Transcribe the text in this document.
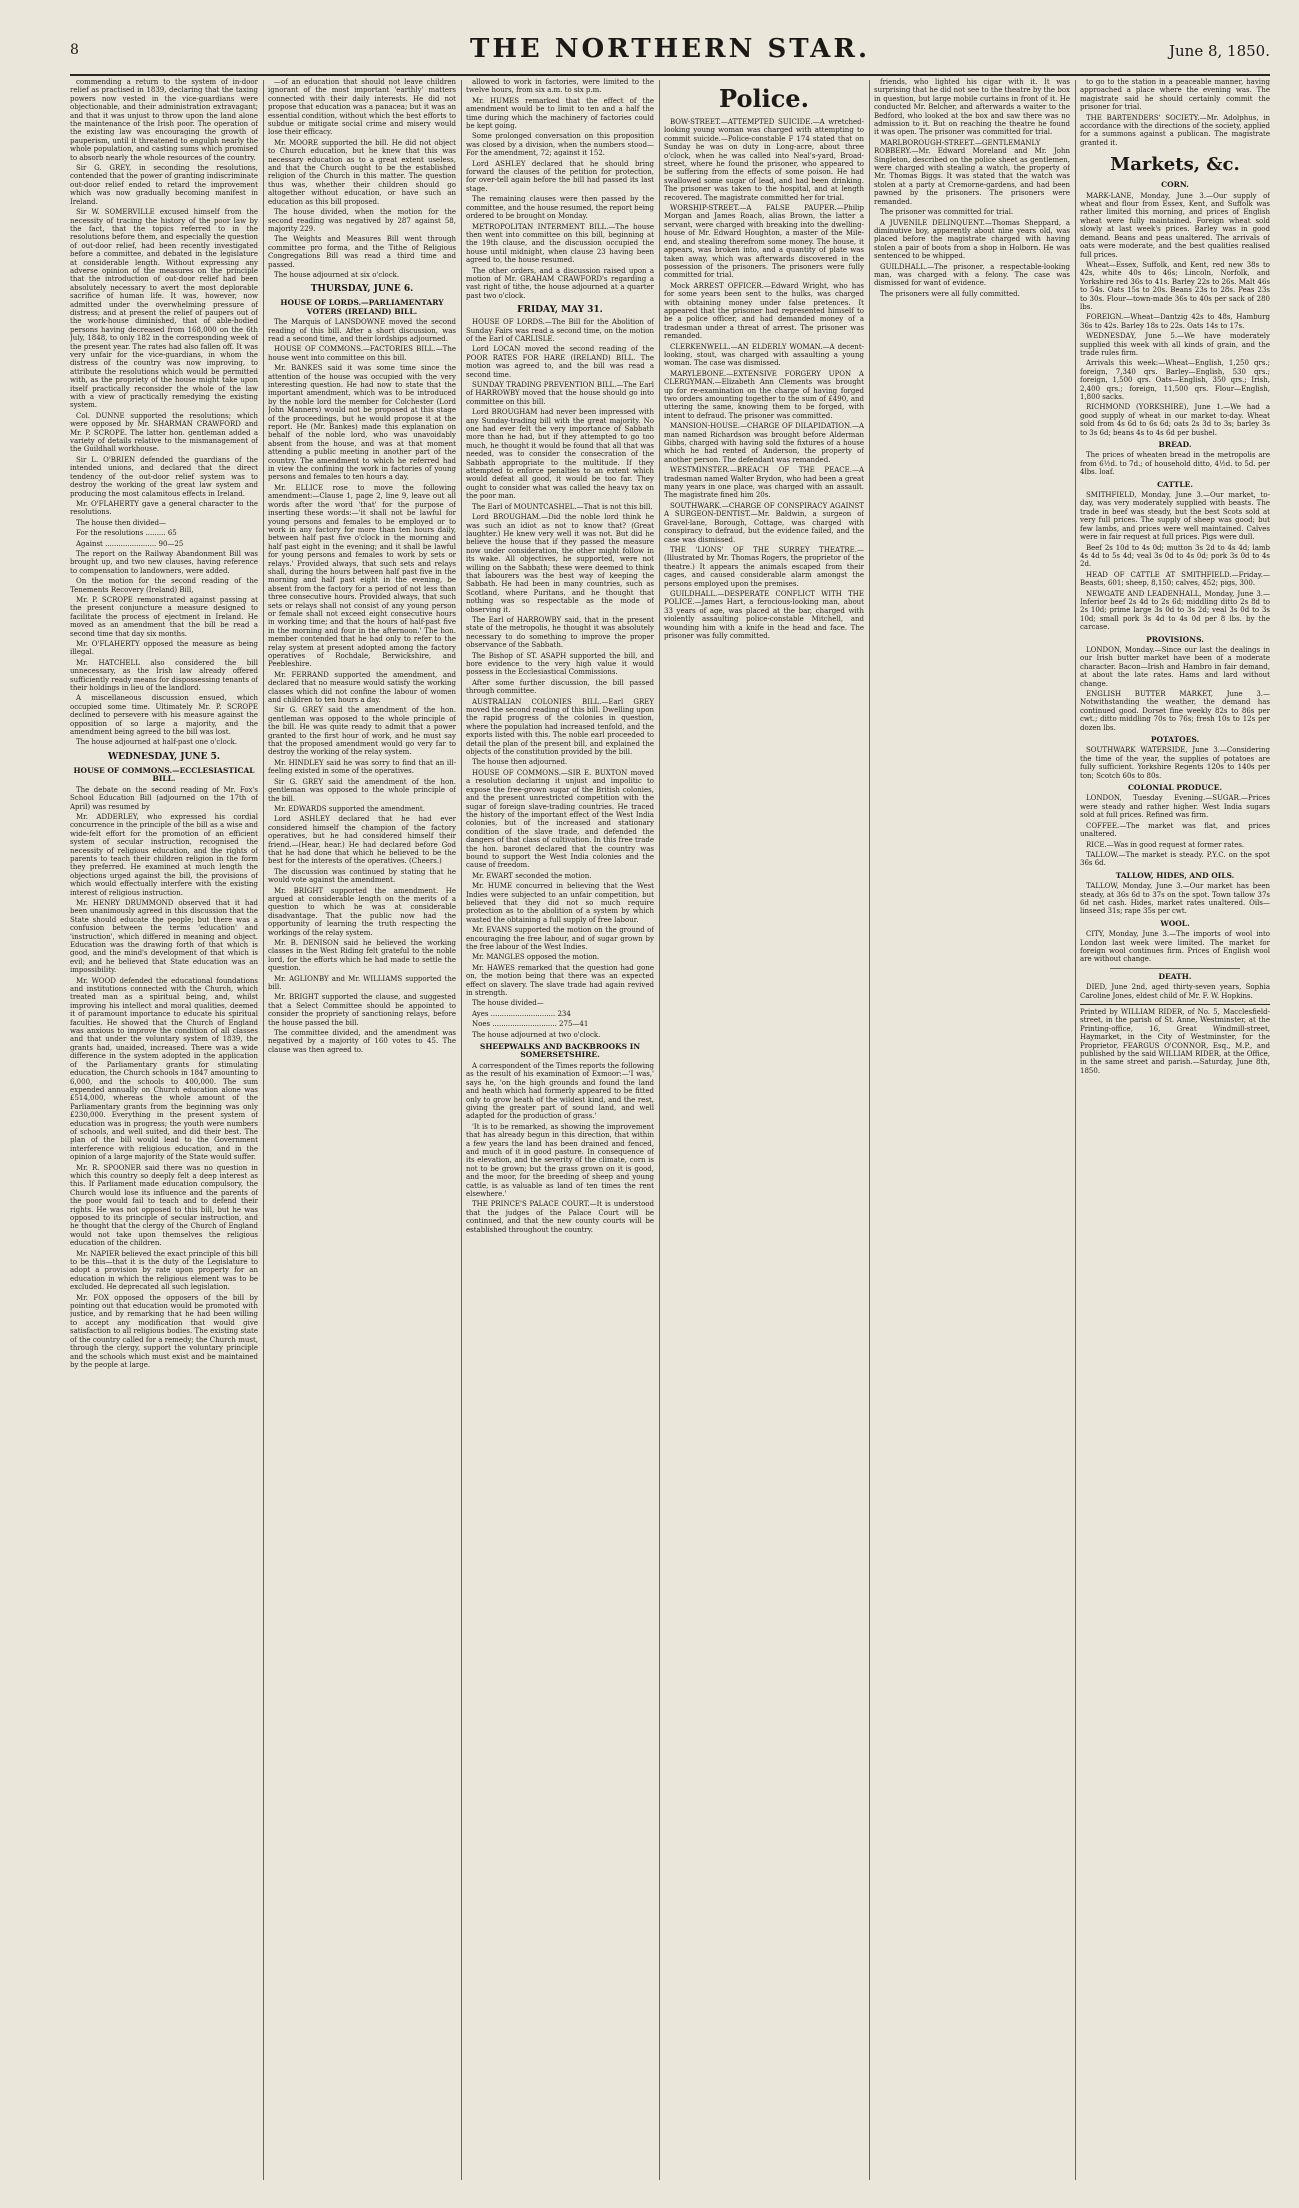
8	THE NORTHERN STAR.	June 8, 1850.

commending a return to the system of in-door relief as practised in 1839, declaring that the taxing powers now vested in the vice-guardians were objectionable, and their administration extravagant; and that it was unjust to throw upon the land alone the maintenance of the Irish poor. The operation of the existing law was encouraging the growth of pauperism, until it threatened to engulph nearly the whole population, and casting sums which promised to absorb nearly the whole resources of the country.

Sir G. GREY, in seconding the resolutions, contended that the power of granting indiscriminate out-door relief ended to retard the improvement which was now gradually becoming manifest in Ireland.

Sir W. SOMERVILLE excused himself from the necessity of tracing the history of the poor law by the fact, that the topics referred to in the resolutions before them, and especially the question of out-door relief, had been recently investigated before a committee, and debated in the legislature at considerable length. Without expressing any adverse opinion of the measures on the principle that the introduction of out-door relief had been absolutely necessary to avert the most deplorable sacrifice of human life. It was, however, now admitted under the overwhelming pressure of distress; and at present the relief of paupers out of the work-house diminished, that of able-bodied persons having decreased from 168,000 on the 6th July, 1848, to only 182 in the corresponding week of the present year. The rates had also fallen off. It was very unfair for the vice-guardians, in whom the distress of the country was now improving, to attribute the resolutions which would be permitted with, as the propriety of the house might take upon itself practically reconsider the whole of the law with a view of practically remedying the existing system.

Col. DUNNE supported the resolutions; which were opposed by Mr. SHARMAN CRAWFORD and Mr. P. SCROPE. The latter hon. gentleman added a variety of details relative to the mismanagement of the Guildhall workhouse.

Sir L. O'BRIEN defended the guardians of the intended unions, and declared that the direct tendency of the out-door relief system was to destroy the working of the great law system and producing the most calamitous effects in Ireland.

Mr. O'FLAHERTY gave a general character to the resolutions.

The house then divided—

For the resolutions ......... 65

Against ....................... 90—25

The report on the Railway Abandonment Bill was brought up, and two new clauses, having reference to compensation to landowners, were added.

On the motion for the second reading of the Tenements Recovery (Ireland) Bill,

Mr. P. SCROPE remonstrated against passing at the present conjuncture a measure designed to facilitate the process of ejectment in Ireland. He moved as an amendment that the bill be read a second time that day six months.

Mr. O'FLAHERTY opposed the measure as being illegal.

Mr. HATCHELL also considered the bill unnecessary, as the Irish law already offered sufficiently ready means for dispossessing tenants of their holdings in lieu of the landlord.

A miscellaneous discussion ensued, which occupied some time. Ultimately Mr. P. SCROPE declined to persevere with his measure against the opposition of so large a majority, and the amendment being agreed to the bill was lost.

The house adjourned at half-past one o'clock.

WEDNESDAY, JUNE 5.
HOUSE OF COMMONS.—ECCLESIASTICAL BILL.

The debate on the second reading of Mr. Fox's School Education Bill (adjourned on the 17th of April) was resumed by

Mr. ADDERLEY, who expressed his cordial concurrence in the principle of the bill as a wise and wide-felt effort for the promotion of an efficient system of secular instruction, recognised the necessity of religious education, and the rights of parents to teach their children religion in the form they preferred. He examined at much length the objections urged against the bill, the provisions of which would effectually interfere with the existing interest of religious instruction.

Mr. HENRY DRUMMOND observed that it had been unanimously agreed in this discussion that the State should educate the people; but there was a confusion between the terms 'education' and 'instruction', which differed in meaning and object. Education was the drawing forth of that which is good, and the mind's development of that which is evil; and he believed that State education was an impossibility.

Mr. WOOD defended the educational foundations and institutions connected with the Church, which treated man as a spiritual being, and, whilst improving his intellect and moral qualities, deemed it of paramount importance to educate his spiritual faculties. He showed that the Church of England was anxious to improve the condition of all classes and that under the voluntary system of 1839, the grants had, unaided, increased. There was a wide difference in the system adopted in the application of the Parliamentary grants for stimulating education, the Church schools in 1847 amounting to 6,000, and the schools to 400,000. The sum expended annually on Church education alone was £514,000, whereas the whole amount of the Parliamentary grants from the beginning was only £230,000. Everything in the present system of education was in progress; the youth were numbers of schools, and well suited, and did their best. The plan of the bill would lead to the Government interference with religious education, and in the opinion of a large majority of the State would suffer.

Mr. R. SPOONER said there was no question in which this country so deeply felt a deep interest as this. If Parliament made education compulsory, the Church would lose its influence and the parents of the poor would fail to teach and to defend their rights. He was not opposed to this bill, but he was opposed to its principle of secular instruction, and he thought that the clergy of the Church of England would not take upon themselves the religious education of the children.

Mr. NAPIER believed the exact principle of this bill to be this—that it is the duty of the Legislature to adopt a provision by rate upon property for an education in which the religious element was to be excluded. He deprecated all such legislation.

Mr. FOX opposed the opposers of the bill by pointing out that education would be promoted with justice, and by remarking that he had been willing to accept any modification that would give satisfaction to all religious bodies. The existing state of the country called for a remedy; the Church must, through the clergy, support the voluntary principle and the schools which must exist and be maintained by the people at large.

—of an education that should not leave children ignorant of the most important 'earthly' matters connected with their daily interests. He did not propose that education was a panacea; but it was an essential condition, without which the best efforts to subdue or mitigate social crime and misery would lose their efficacy.

Mr. MOORE supported the bill. He did not object to Church education, but he knew that this was necessary education as to a great extent useless, and that the Church ought to be the established religion of the Church in this matter. The question thus was, whether their children should go altogether without education, or have such an education as this bill proposed.

The house divided, when the motion for the second reading was negatived by 287 against 58, majority 229.

The Weights and Measures Bill went through committee pro forma, and the Tithe of Religious Congregations Bill was read a third time and passed.

The house adjourned at six o'clock.

THURSDAY, JUNE 6.
HOUSE OF LORDS.—PARLIAMENTARY VOTERS (IRELAND) BILL.

The Marquis of LANSDOWNE moved the second reading of this bill. After a short discussion, was read a second time, and their lordships adjourned.

HOUSE OF COMMONS.—FACTORIES BILL.—The house went into committee on this bill.

Mr. BANKES said it was some time since the attention of the house was occupied with the very interesting question. He had now to state that the important amendment, which was to be introduced by the noble lord the member for Colchester (Lord John Manners) would not be proposed at this stage of the proceedings, but he would propose it at the report. He (Mr. Bankes) made this explanation on behalf of the noble lord, who was unavoidably absent from the house, and was at that moment attending a public meeting in another part of the country. The amendment to which he referred had in view the confining the work in factories of young persons and females to ten hours a day.

Mr. ELLICE rose to move the following amendment:—Clause 1, page 2, line 9, leave out all words after the word 'that' for the purpose of inserting these words:—'it shall not be lawful for young persons and females to be employed or to work in any factory for more than ten hours daily, between half past five o'clock in the morning and half past eight in the evening; and it shall be lawful for young persons and females to work by sets or relays.' Provided always, that such sets and relays shall, during the hours between half past five in the morning and half past eight in the evening, be absent from the factory for a period of not less than three consecutive hours. Provided always, that such sets or relays shall not consist of any young person or female shall not exceed eight consecutive hours in working time; and that the hours of half-past five in the morning and four in the afternoon.' The hon. member contended that he had only to refer to the relay system at present adopted among the factory operatives of Rochdale, Berwickshire, and Peebleshire.

Mr. FERRAND supported the amendment, and declared that no measure would satisfy the working classes which did not confine the labour of women and children to ten hours a day.

Sir G. GREY said the amendment of the hon. gentleman was opposed to the whole principle of the bill. He was quite ready to admit that a power granted to the first hour of work, and he must say that the proposed amendment would go very far to destroy the working of the relay system.

Mr. HINDLEY said he was sorry to find that an ill-feeling existed in some of the operatives.

Sir G. GREY said the amendment of the hon. gentleman was opposed to the whole principle of the bill.

Mr. EDWARDS supported the amendment.

Lord ASHLEY declared that he had ever considered himself the champion of the factory operatives, but he had considered himself their friend.—(Hear, hear.) He had declared before God that he had done that which he believed to be the best for the interests of the operatives. (Cheers.)

The discussion was continued by stating that he would vote against the amendment.

Mr. BRIGHT supported the amendment. He argued at considerable length on the merits of a question to which he was at considerable disadvantage. That the public now had the opportunity of learning the truth respecting the workings of the relay system.

Mr. B. DENISON said he believed the working classes in the West Riding felt grateful to the noble lord, for the efforts which he had made to settle the question.

Mr. AGLIONBY and Mr. WILLIAMS supported the bill.

Mr. BRIGHT supported the clause, and suggested that a Select Committee should be appointed to consider the propriety of sanctioning relays, before the house passed the bill.

The committee divided, and the amendment was negatived by a majority of 160 votes to 45. The clause was then agreed to.

allowed to work in factories, were limited to the twelve hours, from six a.m. to six p.m.

Mr. HUMES remarked that the effect of the amendment would be to limit to ten and a half the time during which the machinery of factories could be kept going.

Some prolonged conversation on this proposition was closed by a division, when the numbers stood—For the amendment, 72; against it 152.

Lord ASHLEY declared that he should bring forward the clauses of the petition for protection, for over-tell again before the bill had passed its last stage.

The remaining clauses were then passed by the committee, and the house resumed, the report being ordered to be brought on Monday.

METROPOLITAN INTERMENT BILL.—The house then went into committee on this bill, beginning at the 19th clause, and the discussion occupied the house until midnight, when clause 23 having been agreed to, the house resumed.

The other orders, and a discussion raised upon a motion of Mr. GRAHAM CRAWFORD's regarding a vast right of tithe, the house adjourned at a quarter past two o'clock.

FRIDAY, MAY 31.

HOUSE OF LORDS.—The Bill for the Abolition of Sunday Fairs was read a second time, on the motion of the Earl of CARLISLE.

Lord LOCAN moved the second reading of the POOR RATES FOR HARE (IRELAND) BILL. The motion was agreed to, and the bill was read a second time.

SUNDAY TRADING PREVENTION BILL.—The Earl of HARROWBY moved that the house should go into committee on this bill.

Lord BROUGHAM had never been impressed with any Sunday-trading bill with the great majority. No one had ever felt the very importance of Sabbath more than he had, but if they attempted to go too much, he thought it would be found that all that was needed, was to consider the consecration of the Sabbath appropriate to the multitude. If they attempted to enforce penalties to an extent which would defeat all good, it would be too far. They ought to consider what was called the heavy tax on the poor man.

The Earl of MOUNTCASHEL.—That is not this bill.

Lord BROUGHAM.—Did the noble lord think he was such an idiot as not to know that? (Great laughter.) He knew very well it was not. But did he believe the house that if they passed the measure now under consideration, the other might follow in its wake. All objectives, he supported, were not willing on the Sabbath; these were deemed to think that labourers was the best way of keeping the Sabbath. He had been in many countries, such as Scotland, where Puritans, and he thought that nothing was so respectable as the mode of observing it.

The Earl of HARROWBY said, that in the present state of the metropolis, he thought it was absolutely necessary to do something to improve the proper observance of the Sabbath.

The Bishop of ST. ASAPH supported the bill, and bore evidence to the very high value it would possess in the Ecclesiastical Commissions.

After some further discussion, the bill passed through committee.

AUSTRALIAN COLONIES BILL.—Earl GREY moved the second reading of this bill. Dwelling upon the rapid progress of the colonies in question, where the population had increased tenfold, and the exports listed with this. The noble earl proceeded to detail the plan of the present bill, and explained the objects of the constitution provided by the bill.

The house then adjourned.

HOUSE OF COMMONS.—SIR E. BUXTON moved a resolution declaring it unjust and impolitic to expose the free-grown sugar of the British colonies, and the present unrestricted competition with the sugar of foreign slave-trading countries. He traced the history of the important effect of the West India colonies, but of the increased and stationary condition of the slave trade, and defended the dangers of that class of cultivation. In this free trade the hon. baronet declared that the country was bound to support the West India colonies and the cause of freedom.

Mr. EWART seconded the motion.

Mr. HUME concurred in believing that the West Indies were subjected to an unfair competition, but believed that they did not so much require protection as to the abolition of a system by which wasted the obtaining a full supply of free labour.

Mr. EVANS supported the motion on the ground of encouraging the free labour, and of sugar grown by the free labour of the West Indies.

Mr. MANGLES opposed the motion.

Mr. HAWES remarked that the question had gone on, the motion being that there was an expected effect on slavery. The slave trade had again revived in strength.

The house divided—

Ayes ............................. 234

Noes ............................. 275—41

The house adjourned at two o'clock.

SHEEPWALKS AND BACKBROOKS IN SOMERSETSHIRE.

A correspondent of the Times reports the following as the result of his examination of Exmoor:—'I was,' says he, 'on the high grounds and found the land and heath which had formerly appeared to be fitted only to grow heath of the wildest kind, and the rest, giving the greater part of sound land, and well adapted for the production of grass.'

'It is to be remarked, as showing the improvement that has already begun in this direction, that within a few years the land has been drained and fenced, and much of it in good pasture. In consequence of its elevation, and the severity of the climate, corn is not to be grown; but the grass grown on it is good, and the moor, for the breeding of sheep and young cattle, is as valuable as land of ten times the rent elsewhere.'

THE PRINCE'S PALACE COURT.—It is understood that the judges of the Palace Court will be continued, and that the new county courts will be established throughout the country.

Police.

BOW-STREET.—ATTEMPTED SUICIDE.—A wretched-looking young woman was charged with attempting to commit suicide.—Police-constable F 174 stated that on Sunday he was on duty in Long-acre, about three o'clock, when he was called into Neal's-yard, Broad-street, where he found the prisoner, who appeared to be suffering from the effects of some poison. He had swallowed some sugar of lead, and had been drinking. The prisoner was taken to the hospital, and at length recovered. The magistrate committed her for trial.

WORSHIP-STREET.—A FALSE PAUPER.—Philip Morgan and James Roach, alias Brown, the latter a servant, were charged with breaking into the dwelling-house of Mr. Edward Houghton, a master of the Mile-end, and stealing therefrom some money. The house, it appears, was broken into, and a quantity of plate was taken away, which was afterwards discovered in the possession of the prisoners. The prisoners were fully committed for trial.

Mock ARREST OFFICER.—Edward Wright, who has for some years been sent to the hulks, was charged with obtaining money under false pretences. It appeared that the prisoner had represented himself to be a police officer, and had demanded money of a tradesman under a threat of arrest. The prisoner was remanded.

CLERKENWELL.—AN ELDERLY WOMAN.—A decent-looking, stout, was charged with assaulting a young woman. The case was dismissed.

MARYLEBONE.—EXTENSIVE FORGERY UPON A CLERGYMAN.—Elizabeth Ann Clements was brought up for re-examination on the charge of having forged two orders amounting together to the sum of £490, and uttering the same, knowing them to be forged, with intent to defraud. The prisoner was committed.

MANSION-HOUSE.—CHARGE OF DILAPIDATION.—A man named Richardson was brought before Alderman Gibbs, charged with having sold the fixtures of a house which he had rented of Anderson, the property of another person. The defendant was remanded.

WESTMINSTER.—BREACH OF THE PEACE.—A tradesman named Walter Brydon, who had been a great many years in one place, was charged with an assault. The magistrate fined him 20s.

SOUTHWARK.—CHARGE OF CONSPIRACY AGAINST A SURGEON-DENTIST.—Mr. Baldwin, a surgeon of Gravel-lane, Borough, Cottage, was charged with conspiracy to defraud, but the evidence failed, and the case was dismissed.

THE 'LIONS' OF THE SURREY THEATRE.—(Illustrated by Mr. Thomas Rogers, the proprietor of the theatre.) It appears the animals escaped from their cages, and caused considerable alarm amongst the persons employed upon the premises.

GUILDHALL.—DESPERATE CONFLICT WITH THE POLICE.—James Hart, a ferocious-looking man, about 33 years of age, was placed at the bar, charged with violently assaulting police-constable Mitchell, and wounding him with a knife in the head and face. The prisoner was fully committed.

friends, who lighted his cigar with it. It was surprising that he did not see to the theatre by the box in question, but large mobile curtains in front of it. He conducted Mr. Belcher, and afterwards a waiter to the Bedford, who looked at the box and saw there was no admission to it. But on reaching the theatre he found it was open. The prisoner was committed for trial.

MARLBOROUGH-STREET.—GENTLEMANLY ROBBERY.—Mr. Edward Moreland and Mr. John Singleton, described on the police sheet as gentlemen, were charged with stealing a watch, the property of Mr. Thomas Biggs. It was stated that the watch was stolen at a party at Cremorne-gardens, and had been pawned by the prisoners. The prisoners were remanded.

The prisoner was committed for trial.

A JUVENILE DELINQUENT.—Thomas Sheppard, a diminutive boy, apparently about nine years old, was placed before the magistrate charged with having stolen a pair of boots from a shop in Holborn. He was sentenced to be whipped.

GUILDHALL.—The prisoner, a respectable-looking man, was charged with a felony. The case was dismissed for want of evidence.

The prisoners were all fully committed.

to go to the station in a peaceable manner, having approached a place where the evening was. The magistrate said he should certainly commit the prisoner for trial.

THE BARTENDERS' SOCIETY.—Mr. Adolphus, in accordance with the directions of the society, applied for a summons against a publican. The magistrate granted it.

Markets, &c.
CORN.

MARK-LANE, Monday, June 3.—Our supply of wheat and flour from Essex, Kent, and Suffolk was rather limited this morning, and prices of English wheat were fully maintained. Foreign wheat sold slowly at last week's prices. Barley was in good demand. Beans and peas unaltered. The arrivals of oats were moderate, and the best qualities realised full prices.

Wheat—Essex, Suffolk, and Kent, red new 38s to 42s, white 40s to 46s; Lincoln, Norfolk, and Yorkshire red 36s to 41s. Barley 22s to 26s. Malt 46s to 54s. Oats 15s to 20s. Beans 23s to 28s. Peas 23s to 30s. Flour—town-made 36s to 40s per sack of 280 lbs.

FOREIGN.—Wheat—Dantzig 42s to 48s, Hamburg 36s to 42s. Barley 18s to 22s. Oats 14s to 17s.

WEDNESDAY, June 5.—We have moderately supplied this week with all kinds of grain, and the trade rules firm.

Arrivals this week:—Wheat—English, 1,250 qrs.; foreign, 7,340 qrs. Barley—English, 530 qrs.; foreign, 1,500 qrs. Oats—English, 350 qrs.; Irish, 2,400 qrs.; foreign, 11,500 qrs. Flour—English, 1,800 sacks.

RICHMOND (YORKSHIRE), June 1.—We had a good supply of wheat in our market to-day. Wheat sold from 4s 6d to 6s 6d; oats 2s 3d to 3s; barley 3s to 3s 6d; beans 4s to 4s 6d per bushel.

BREAD.

The prices of wheaten bread in the metropolis are from 6½d. to 7d.; of household ditto, 4½d. to 5d. per 4lbs. loaf.

CATTLE.

SMITHFIELD, Monday, June 3.—Our market, to-day, was very moderately supplied with beasts. The trade in beef was steady, but the best Scots sold at very full prices. The supply of sheep was good; but few lambs, and prices were well maintained. Calves were in fair request at full prices. Pigs were dull.

Beef 2s 10d to 4s 0d; mutton 3s 2d to 4s 4d; lamb 4s 4d to 5s 4d; veal 3s 0d to 4s 0d; pork 3s 0d to 4s 2d.

HEAD OF CATTLE AT SMITHFIELD.—Friday.—Beasts, 601; sheep, 8,150; calves, 452; pigs, 300.

NEWGATE AND LEADENHALL, Monday, June 3.—Inferior beef 2s 4d to 2s 6d; middling ditto 2s 8d to 2s 10d; prime large 3s 0d to 3s 2d; veal 3s 0d to 3s 10d; small pork 3s 4d to 4s 0d per 8 lbs. by the carcase.

PROVISIONS.

LONDON, Monday.—Since our last the dealings in our Irish butter market have been of a moderate character. Bacon—Irish and Hambro in fair demand, at about the late rates. Hams and lard without change.

ENGLISH BUTTER MARKET, June 3.—Notwithstanding the weather, the demand has continued good. Dorset fine weekly 82s to 86s per cwt.; ditto middling 70s to 76s; fresh 10s to 12s per dozen lbs.

POTATOES.

SOUTHWARK WATERSIDE, June 3.—Considering the time of the year, the supplies of potatoes are fully sufficient. Yorkshire Regents 120s to 140s per ton; Scotch 60s to 80s.

COLONIAL PRODUCE.

LONDON, Tuesday Evening.—SUGAR.—Prices were steady and rather higher. West India sugars sold at full prices. Refined was firm.

COFFEE.—The market was flat, and prices unaltered.

RICE.—Was in good request at former rates.

TALLOW.—The market is steady. P.Y.C. on the spot 36s 6d.

TALLOW, HIDES, AND OILS.

TALLOW, Monday, June 3.—Our market has been steady, at 36s 6d to 37s on the spot. Town tallow 37s 6d net cash. Hides, market rates unaltered. Oils—linseed 31s; rape 35s per cwt.

WOOL.

CITY, Monday, June 3.—The imports of wool into London last week were limited. The market for foreign wool continues firm. Prices of English wool are without change.

DEATH.

DIED, June 2nd, aged thirty-seven years, Sophia Caroline Jones, eldest child of Mr. F. W. Hopkins.

Printed by WILLIAM RIDER, of No. 5, Macclesfield-street, in the parish of St. Anne, Westminster, at the Printing-office, 16, Great Windmill-street, Haymarket, in the City of Westminster, for the Proprietor, FEARGUS O'CONNOR, Esq., M.P., and published by the said WILLIAM RIDER, at the Office, in the same street and parish.—Saturday, June 8th, 1850.
